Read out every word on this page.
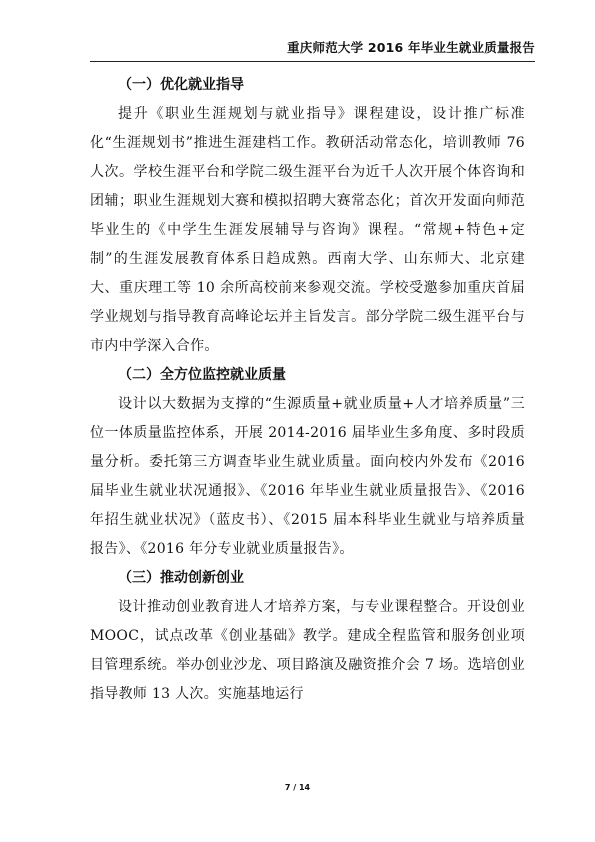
重庆师范大学 2016 年毕业生就业质量报告

（一）优化就业指导

提升《职业生涯规划与就业指导》课程建设，设计推广标准化“生涯规划书”推进生涯建档工作。教研活动常态化，培训教师 76 人次。学校生涯平台和学院二级生涯平台为近千人次开展个体咨询和团辅；职业生涯规划大赛和模拟招聘大赛常态化；首次开发面向师范毕业生的《中学生生涯发展辅导与咨询》课程。“常规+特色+定制”的生涯发展教育体系日趋成熟。西南大学、山东师大、北京建大、重庆理工等 10 余所高校前来参观交流。学校受邀参加重庆首届学业规划与指导教育高峰论坛并主旨发言。部分学院二级生涯平台与市内中学深入合作。

（二）全方位监控就业质量

设计以大数据为支撑的“生源质量+就业质量+人才培养质量”三位一体质量监控体系，开展 2014-2016 届毕业生多角度、多时段质量分析。委托第三方调查毕业生就业质量。面向校内外发布《2016 届毕业生就业状况通报》、《2016 年毕业生就业质量报告》、《2016 年招生就业状况》（蓝皮书）、《2015 届本科毕业生就业与培养质量报告》、《2016 年分专业就业质量报告》。

（三）推动创新创业

设计推动创业教育进人才培养方案，与专业课程整合。开设创业 MOOC，试点改革《创业基础》教学。建成全程监管和服务创业项目管理系统。举办创业沙龙、项目路演及融资推介会 7 场。选培创业指导教师 13 人次。实施基地运行

7 / 14
